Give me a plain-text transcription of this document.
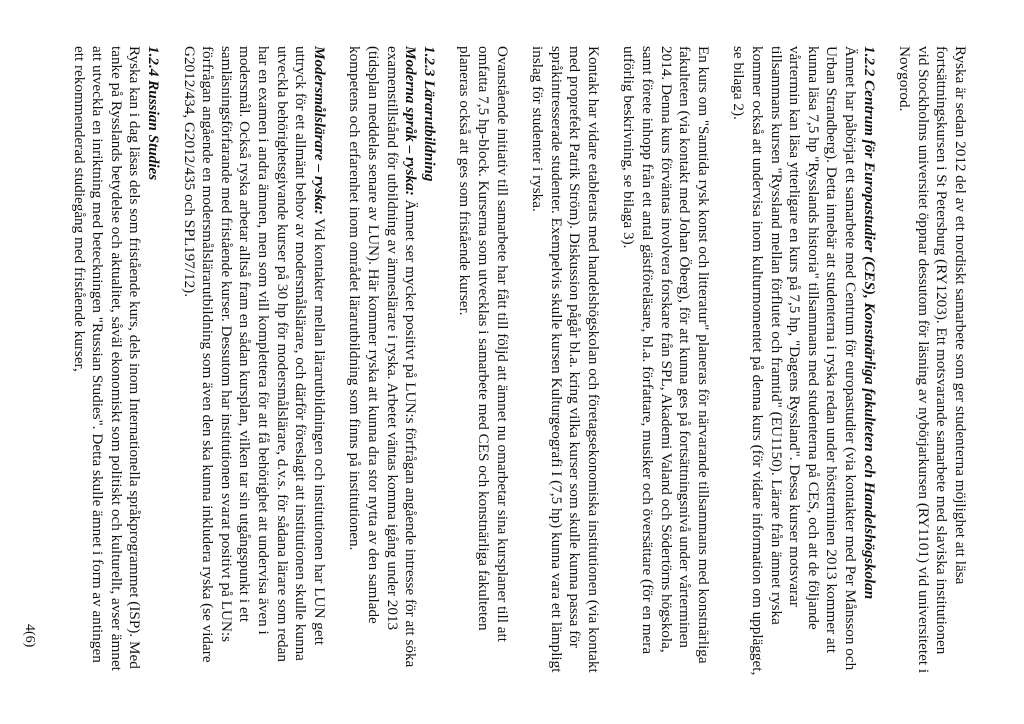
Ryska är sedan 2012 del av ett nordiskt samarbete som ger studenterna möjlighet att läsa fortsättningskursen i St Petersburg (RY1203). Ett motsvarande samarbete med slaviska institutionen vid Stockholms universitet öppnar dessutom för läsning av nybörjarkursen (RY1101) vid universitetet i Novgorod.

1.2.2 Centrum för Europastudier (CES), Konstnärliga fakulteten och Handelshögskolan

Ämnet har påbörjat ett samarbete med Centrum för europastudier (via kontakter med Per Månsson och Urban Strandberg). Detta innebär att studenterna i ryska redan under höstterminen 2013 kommer att kunna läsa 7,5 hp "Rysslands historia" tillsammans med studenterna på CES, och att de följande vårtermin kan läsa ytterligare en kurs på 7,5 hp, "Dagens Ryssland". Dessa kurser motsvarar tillsammans kursen "Ryssland mellan förflutet och framtid" (EU1150). Lärare från ämnet ryska kommer också att undervisa inom kulturmomentet på denna kurs (för vidare information om upplägget, se bilaga 2).

En kurs om "Samtida rysk konst och litteratur" planeras för närvarande tillsammans med konstnärliga fakulteten (via kontakt med Johan Öberg), för att kunna ges på fortsättningsnivå under vårterminen 2014. Denna kurs förväntas involvera forskare från SPL, Akademi Valand och Södertörns högskola, samt förete inhopp från ett antal gästföreläsare, bl.a. författare, musiker och översättare (för en mera utförlig beskrivning, se bilaga 3).

Kontakt har vidare etablerats med handelshögskolan och företagsekonomiska institutionen (via kontakt med proprefekt Patrik Ström). Diskussion pågår bl.a. kring vilka kurser som skulle kunna passa för språkintresserade studenter. Exempelvis skulle kursen Kulturgeografi I (7,5 hp) kunna vara ett lämpligt inslag för studenter i ryska.

Ovanstående initiativ till samarbete har fått till följd att ämnet nu omarbetar sina kursplaner till att omfatta 7,5 hp-block. Kurserna som utvecklas i samarbete med CES och konstnärliga fakulteten planeras också att ges som fristående kurser.

1.2.3 Lärarutbildning

Moderna språk – ryska: Ämnet ser mycket positivt på LUN:s förfrågan angående intresse för att söka examenstillstånd för utbildning av ämneslärare i ryska. Arbetet väntas komma igång under 2013 (tidsplan meddelas senare av LUN). Här kommer ryska att kunna dra stor nytta av den samlade kompetens och erfarenhet inom området lärarutbildning som finns på institutionen.

Modersmålslärare – ryska: Vid kontakter mellan lärarutbildningen och institutionen har LUN gett uttryck för ett allmänt behov av modersmålslärare, och därför föreslagit att institutionen skulle kunna utveckla behörighetsgivande kurser på 30 hp för modersmålslärare, d.v.s. för sådana lärare som redan har en examen i andra ämnen, men som vill komplettera för att få behörighet att undervisa även i modersmål. Också ryska arbetar alltså fram en sådan kursplan, vilken tar sin utgångspunkt i ett samläsningsförfarande med fristående kurser. Dessutom har institutionen svarat positivt på LUN:s förfrågan angående en modersmålslärarutbildning som även den ska kunna inkludera ryska (se vidare G2012/434, G2012/435 och SPL197/12).

1.2.4 Russian Studies

Ryska kan i dag läsas dels som fristående kurs, dels inom Internationella språkprogrammet (ISP). Med tanke på Rysslands betydelse och aktualitet, såväl ekonomiskt som politiskt och kulturellt, avser ämnet att utveckla en inriktning med beteckningen "Russian Studies". Detta skulle ämnet i form av antingen ett rekommenderad studiegång med fristående kurser,

4(6)
